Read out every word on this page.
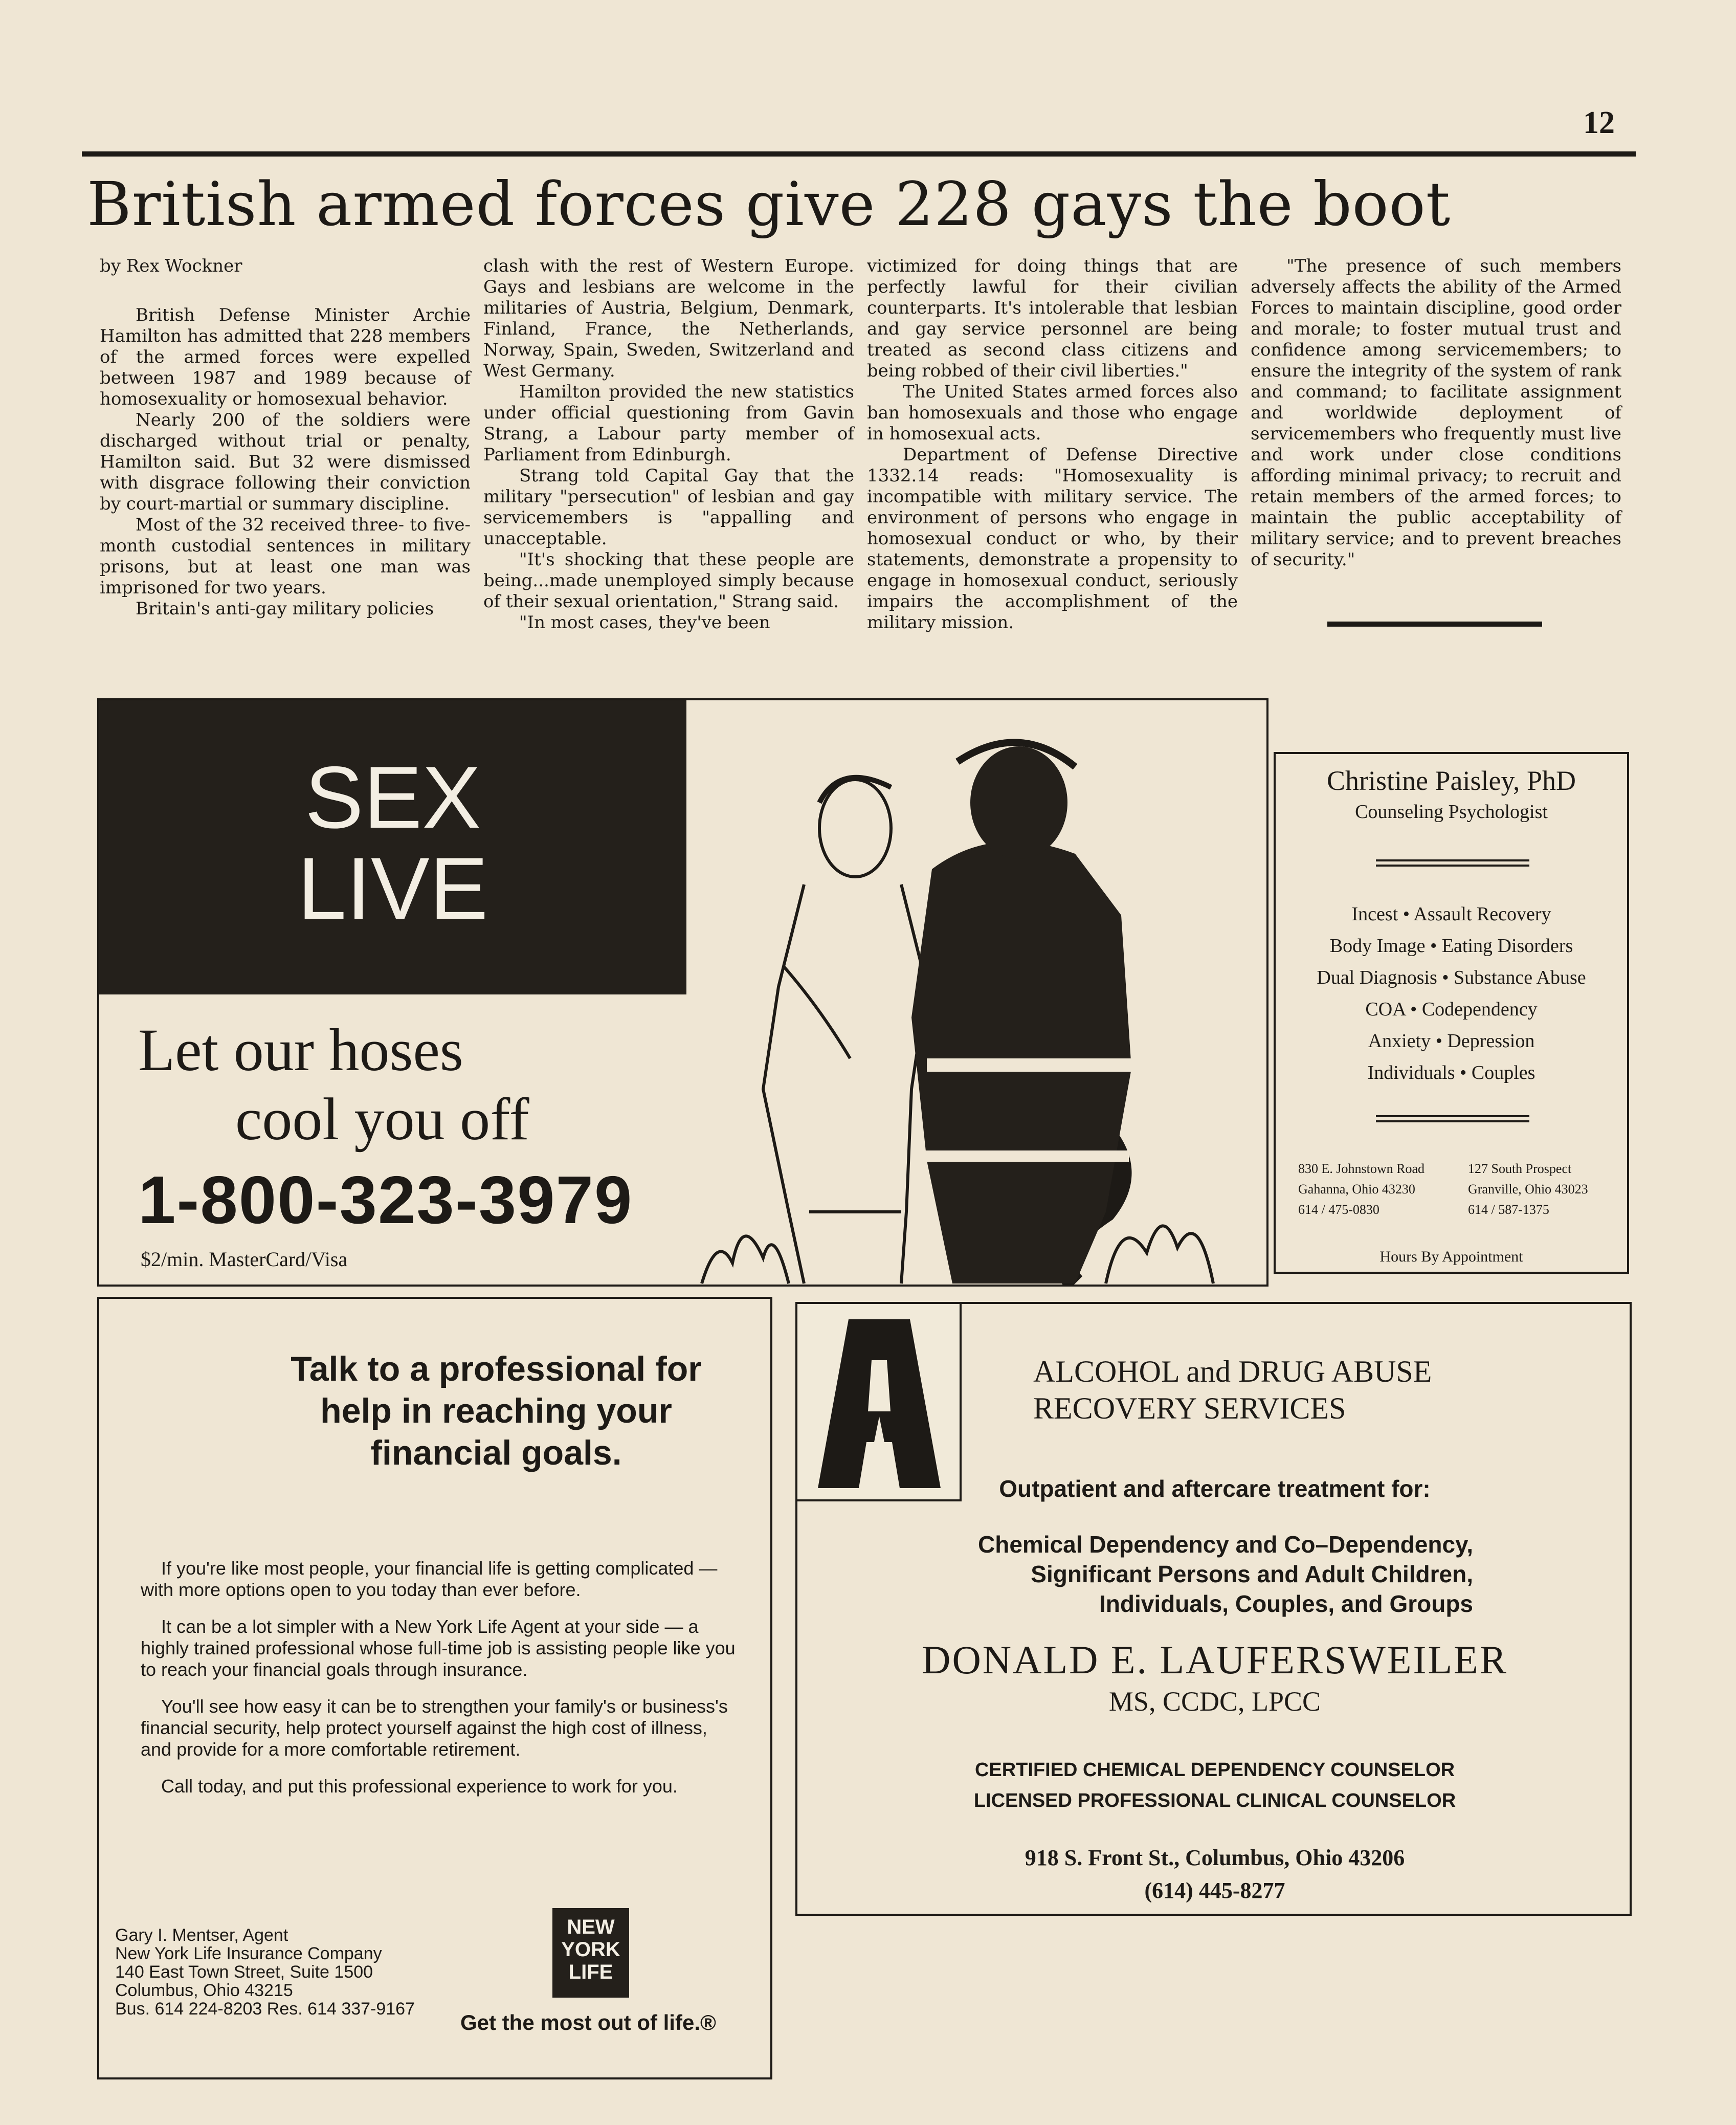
12
British armed forces give 228 gays the boot

by Rex Wockner

British Defense Minister Archie Hamilton has admitted that 228 members of the armed forces were expelled between 1987 and 1989 because of homosexuality or homosexual behavior.

Nearly 200 of the soldiers were discharged without trial or penalty, Hamilton said. But 32 were dismissed with disgrace following their conviction by court-martial or summary discipline.

Most of the 32 received three- to five-month custodial sentences in military prisons, but at least one man was imprisoned for two years.

Britain's anti-gay military policies

clash with the rest of Western Europe. Gays and lesbians are welcome in the militaries of Austria, Belgium, Denmark, Finland, France, the Netherlands, Norway, Spain, Sweden, Switzerland and West Germany.

Hamilton provided the new statistics under official questioning from Gavin Strang, a Labour party member of Parliament from Edinburgh.

Strang told Capital Gay that the military "persecution" of lesbian and gay servicemembers is "appalling and unacceptable.

"It's shocking that these people are being...made unemployed simply because of their sexual orientation," Strang said.

"In most cases, they've been

victimized for doing things that are perfectly lawful for their civilian counterparts. It's intolerable that lesbian and gay service personnel are being treated as second class citizens and being robbed of their civil liberties."

The United States armed forces also ban homosexuals and those who engage in homosexual acts.

Department of Defense Directive 1332.14 reads: "Homosexuality is incompatible with military service. The environment of persons who engage in homosexual conduct or who, by their statements, demonstrate a propensity to engage in homosexual conduct, seriously impairs the accomplishment of the military mission.

"The presence of such members adversely affects the ability of the Armed Forces to maintain discipline, good order and morale; to foster mutual trust and confidence among servicemembers; to ensure the integrity of the system of rank and command; to facilitate assignment and worldwide deployment of servicemembers who frequently must live and work under close conditions affording minimal privacy; to recruit and retain members of the armed forces; to maintain the public acceptability of military service; and to prevent breaches of security."

SEX
LIVE
Let our hoses
cool you off
1-800-323-3979
$2/min. MasterCard/Visa
Christine Paisley, PhD
Counseling Psychologist
Incest • Assault Recovery
Body Image • Eating Disorders
Dual Diagnosis • Substance Abuse
COA • Codependency
Anxiety • Depression
Individuals • Couples
830 E. Johnstown Road
Gahanna, Ohio 43230
614 / 475-0830
127 South Prospect
Granville, Ohio 43023
614 / 587-1375
Hours By Appointment
Talk to a professional for help in reaching your financial goals.

If you're like most people, your financial life is getting complicated — with more options open to you today than ever before.

It can be a lot simpler with a New York Life Agent at your side — a highly trained professional whose full-time job is assisting people like you to reach your financial goals through insurance.

You'll see how easy it can be to strengthen your family's or business's financial security, help protect yourself against the high cost of illness, and provide for a more comfortable retirement.

Call today, and put this professional experience to work for you.

Gary I. Mentser, Agent
New York Life Insurance Company
140 East Town Street, Suite 1500
Columbus, Ohio 43215
Bus. 614 224-8203 Res. 614 337-9167
NEW
YORK
LIFE
Get the most out of life.®
ALCOHOL and DRUG ABUSE
RECOVERY SERVICES
Outpatient and aftercare treatment for:
Chemical Dependency and Co–Dependency,
Significant Persons and Adult Children,
Individuals, Couples, and Groups
DONALD E. LAUFERSWEILER
MS, CCDC, LPCC
CERTIFIED CHEMICAL DEPENDENCY COUNSELOR
LICENSED PROFESSIONAL CLINICAL COUNSELOR
918 S. Front St., Columbus, Ohio 43206
(614) 445-8277
